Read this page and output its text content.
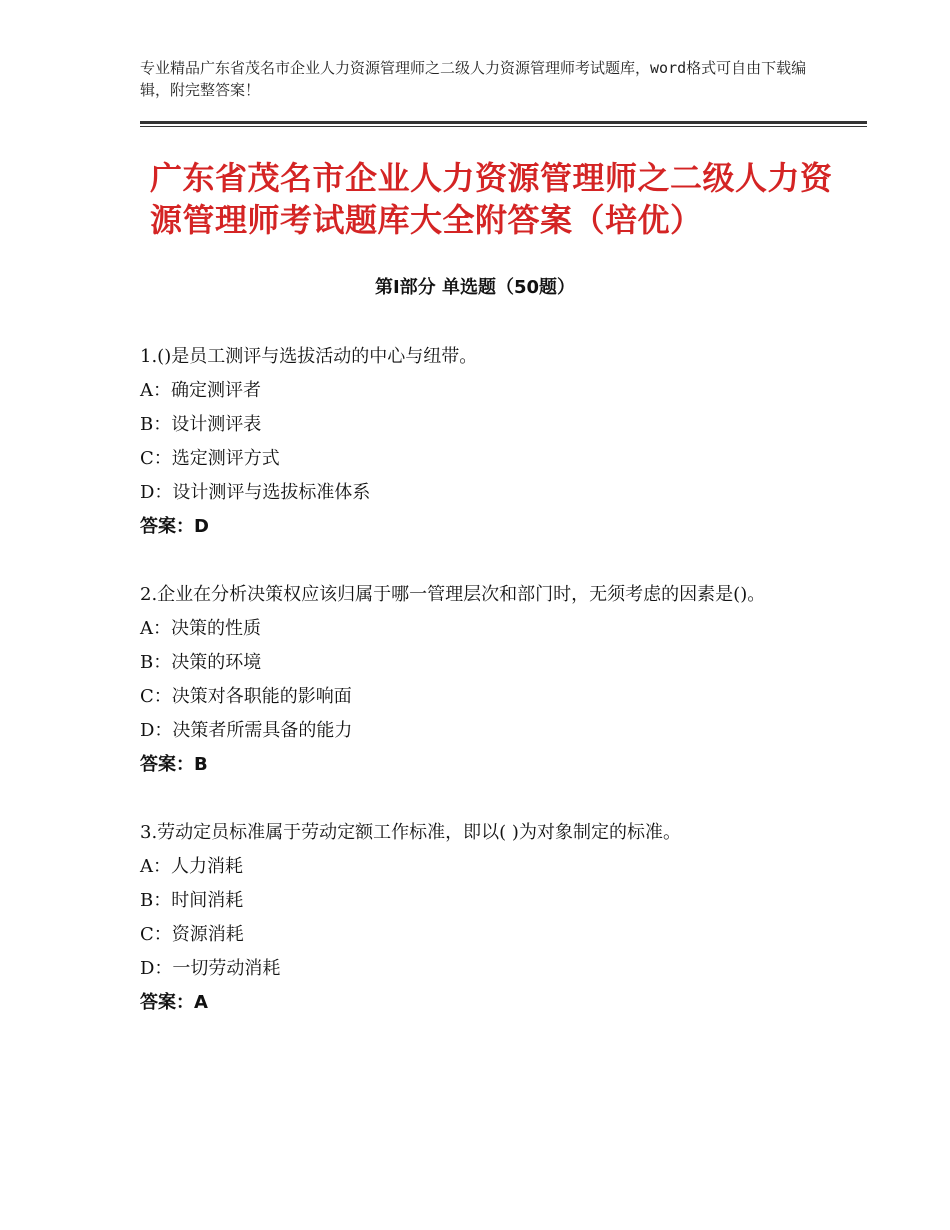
专业精品广东省茂名市企业人力资源管理师之二级人力资源管理师考试题库，word格式可自由下载编辑，附完整答案！
广东省茂名市企业人力资源管理师之二级人力资源管理师考试题库大全附答案（培优）
第Ⅰ部分 单选题（50题）
1.()是员工测评与选拔活动的中心与纽带。
A：确定测评者
B：设计测评表
C：选定测评方式
D：设计测评与选拔标准体系
答案：D
2.企业在分析决策权应该归属于哪一管理层次和部门时，无须考虑的因素是()。
A：决策的性质
B：决策的环境
C：决策对各职能的影响面
D：决策者所需具备的能力
答案：B
3.劳动定员标准属于劳动定额工作标准，即以( )为对象制定的标准。
A：人力消耗
B：时间消耗
C：资源消耗
D：一切劳动消耗
答案：A
